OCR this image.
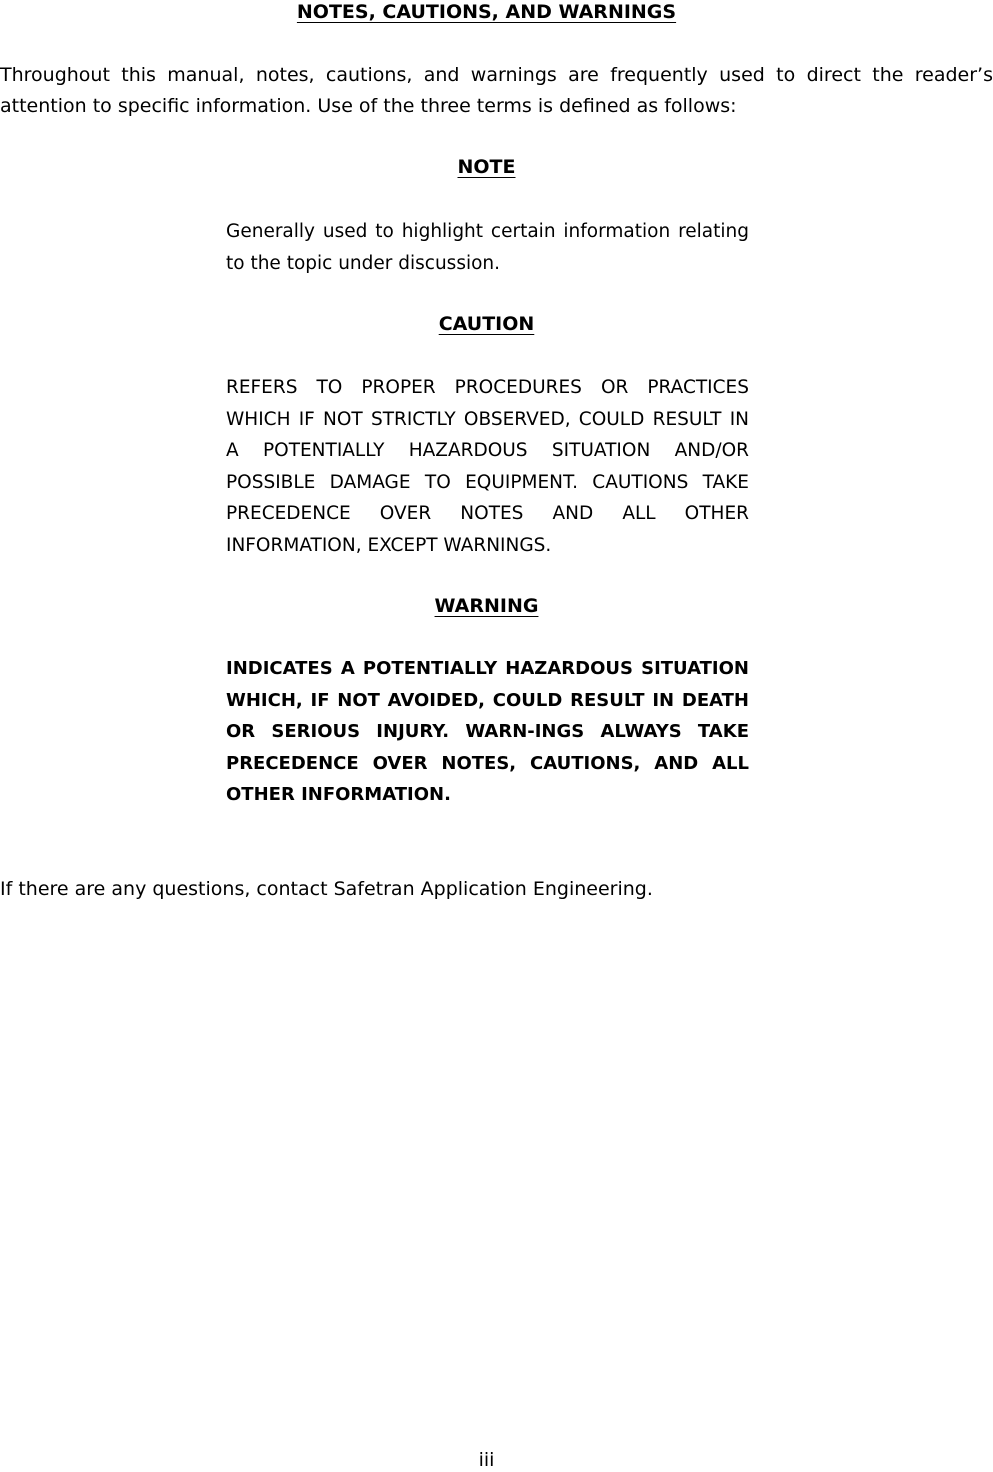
NOTES, CAUTIONS, AND WARNINGS
Throughout this manual, notes, cautions, and warnings are frequently used to direct the reader’s attention to specific information. Use of the three terms is defined as follows:
NOTE
Generally used to highlight certain information relating to the topic under discussion.
CAUTION
REFERS TO PROPER PROCEDURES OR PRACTICES WHICH IF NOT STRICTLY OBSERVED, COULD RESULT IN A POTENTIALLY HAZARDOUS SITUATION AND/OR POSSIBLE DAMAGE TO EQUIPMENT. CAUTIONS TAKE PRECEDENCE OVER NOTES AND ALL OTHER INFORMATION, EXCEPT WARNINGS.
WARNING
INDICATES A POTENTIALLY HAZARDOUS SITUATION WHICH, IF NOT AVOIDED, COULD RESULT IN DEATH OR SERIOUS INJURY. WARN-INGS ALWAYS TAKE PRECEDENCE OVER NOTES, CAUTIONS, AND ALL OTHER INFORMATION.
If there are any questions, contact Safetran Application Engineering.
iii
